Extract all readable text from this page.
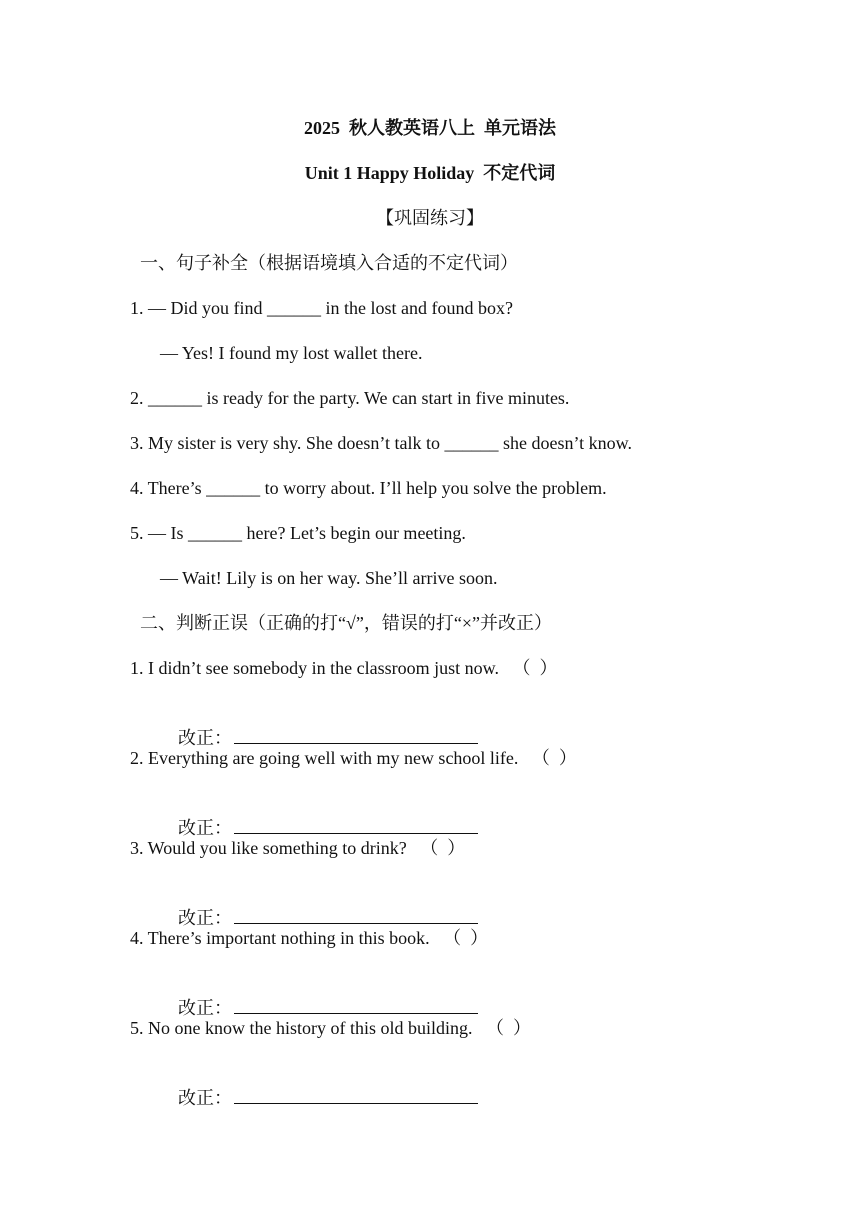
2025  秋人教英语八上  单元语法
Unit 1 Happy Holiday  不定代词
【巩固练习】
一、句子补全（根据语境填入合适的不定代词）
1. — Did you find ______ in the lost and found box?
— Yes! I found my lost wallet there.
2. ______ is ready for the party. We can start in five minutes.
3. My sister is very shy. She doesn’t talk to ______ she doesn’t know.
4. There’s ______ to worry about. I’ll help you solve the problem.
5. — Is ______ here? Let’s begin our meeting.
— Wait! Lily is on her way. She’ll arrive soon.
二、判断正误（正确的打“√”，错误的打“×”并改正）
1. I didn’t see somebody in the classroom just now.   （  ）

改正：

2. Everything are going well with my new school life.   （  ）

改正：

3. Would you like something to drink?   （  ）

改正：

4. There’s important nothing in this book.   （  ）

改正：

5. No one know the history of this old building.   （  ）

改正：
